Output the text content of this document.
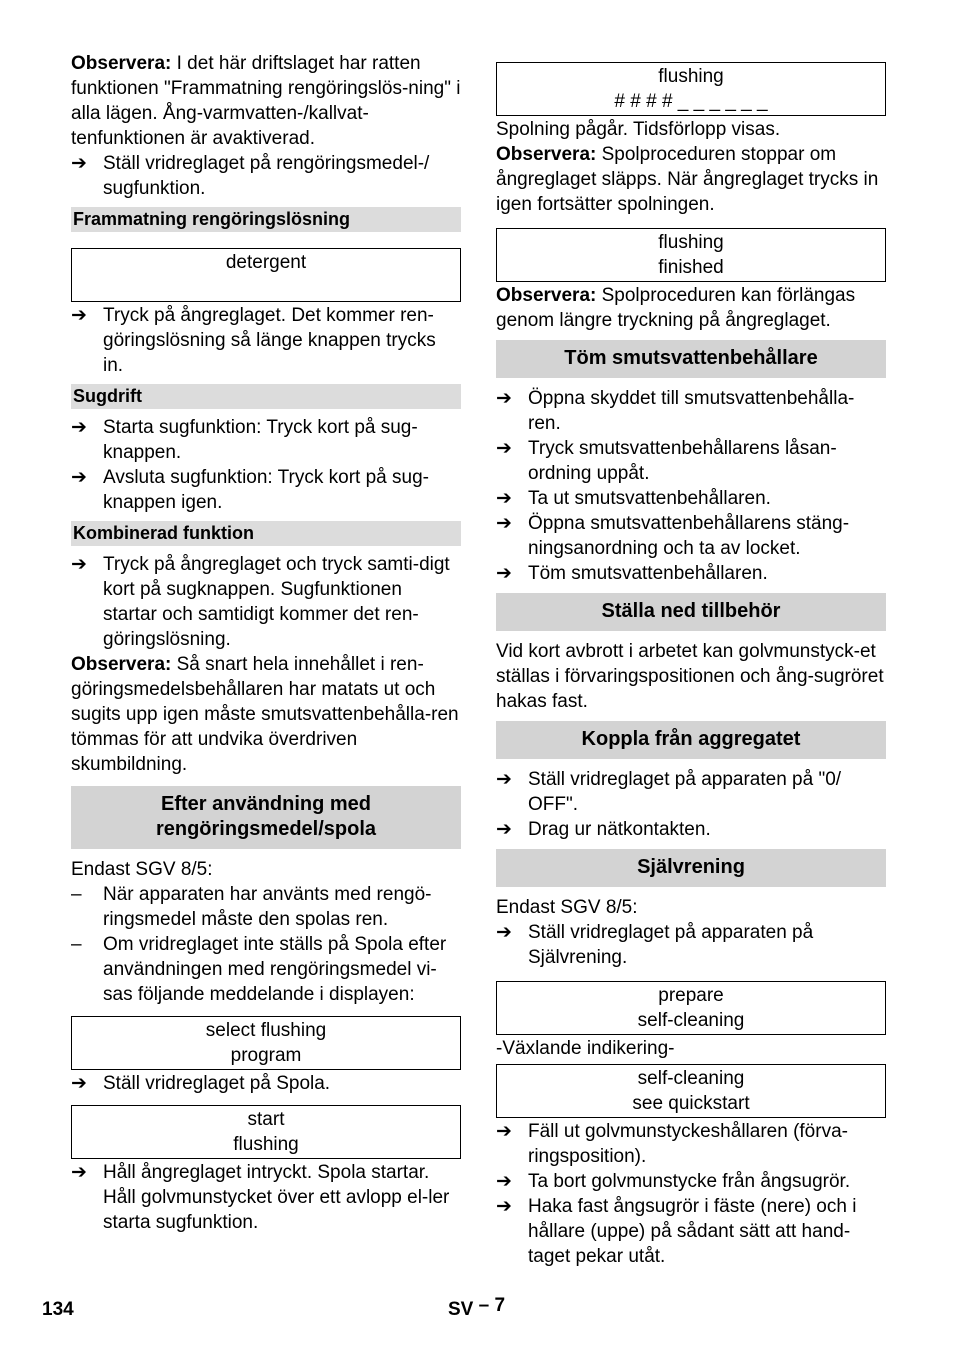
Observera: I det här driftslaget har ratten funktionen "Frammatning rengöringslös-ning" i alla lägen. Ång-varmvatten-/kallvat-tenfunktionen är avaktiverad.

➔ Ställ vridreglaget på rengöringsmedel-/ sugfunktion.
Frammatning rengöringslösning
detergent
➔ Tryck på ångreglaget. Det kommer ren-göringslösning så länge knappen trycks in.
Sugdrift
➔ Starta sugfunktion: Tryck kort på sug-knappen.
➔ Avsluta sugfunktion: Tryck kort på sug-knappen igen.
Kombinerad funktion
➔ Tryck på ångreglaget och tryck samti-digt kort på sugknappen. Sugfunktionen startar och samtidigt kommer det ren-göringslösning.

Observera: Så snart hela innehållet i ren-göringsmedelsbehållaren har matats ut och sugits upp igen måste smutsvattenbehålla-ren tömmas för att undvika överdriven skumbildning.

Efter användning med rengöringsmedel/spola

Endast SGV 8/5:

– När apparaten har använts med rengö-ringsmedel måste den spolas ren.
– Om vridreglaget inte ställs på Spola efter användningen med rengöringsmedel vi-sas följande meddelande i displayen:
select flushing
program
➔ Ställ vridreglaget på Spola.
start
flushing
➔ Håll ångreglaget intryckt. Spola startar. Håll golvmunstycket över ett avlopp el-ler starta sugfunktion.
flushing
# # # # _ _ _ _ _ _

Spolning pågår. Tidsförlopp visas.

Observera: Spolproceduren stoppar om ångreglaget släpps. När ångreglaget trycks in igen fortsätter spolningen.

flushing
finished

Observera: Spolproceduren kan förlängas genom längre tryckning på ångreglaget.

Töm smutsvattenbehållare
➔ Öppna skyddet till smutsvattenbehålla-ren.
➔ Tryck smutsvattenbehållarens låsan-ordning uppåt.
➔ Ta ut smutsvattenbehållaren.
➔ Öppna smutsvattenbehållarens stäng-ningsanordning och ta av locket.
➔ Töm smutsvattenbehållaren.
Ställa ned tillbehör

Vid kort avbrott i arbetet kan golvmunstyck-et ställas i förvaringspositionen och ång-sugröret hakas fast.

Koppla från aggregatet
➔ Ställ vridreglaget på apparaten på "0/ OFF".
➔ Drag ur nätkontakten.
Självrening

Endast SGV 8/5:

➔ Ställ vridreglaget på apparaten på Självrening.
prepare
self-cleaning

-Växlande indikering-

self-cleaning
see quickstart
➔ Fäll ut golvmunstyckeshållaren (förva-ringsposition).
➔ Ta bort golvmunstycke från ångsugrör.
➔ Haka fast ångsugrör i fäste (nere) och i hållare (uppe) på sådant sätt att hand-taget pekar utåt.
134	SV – 7
